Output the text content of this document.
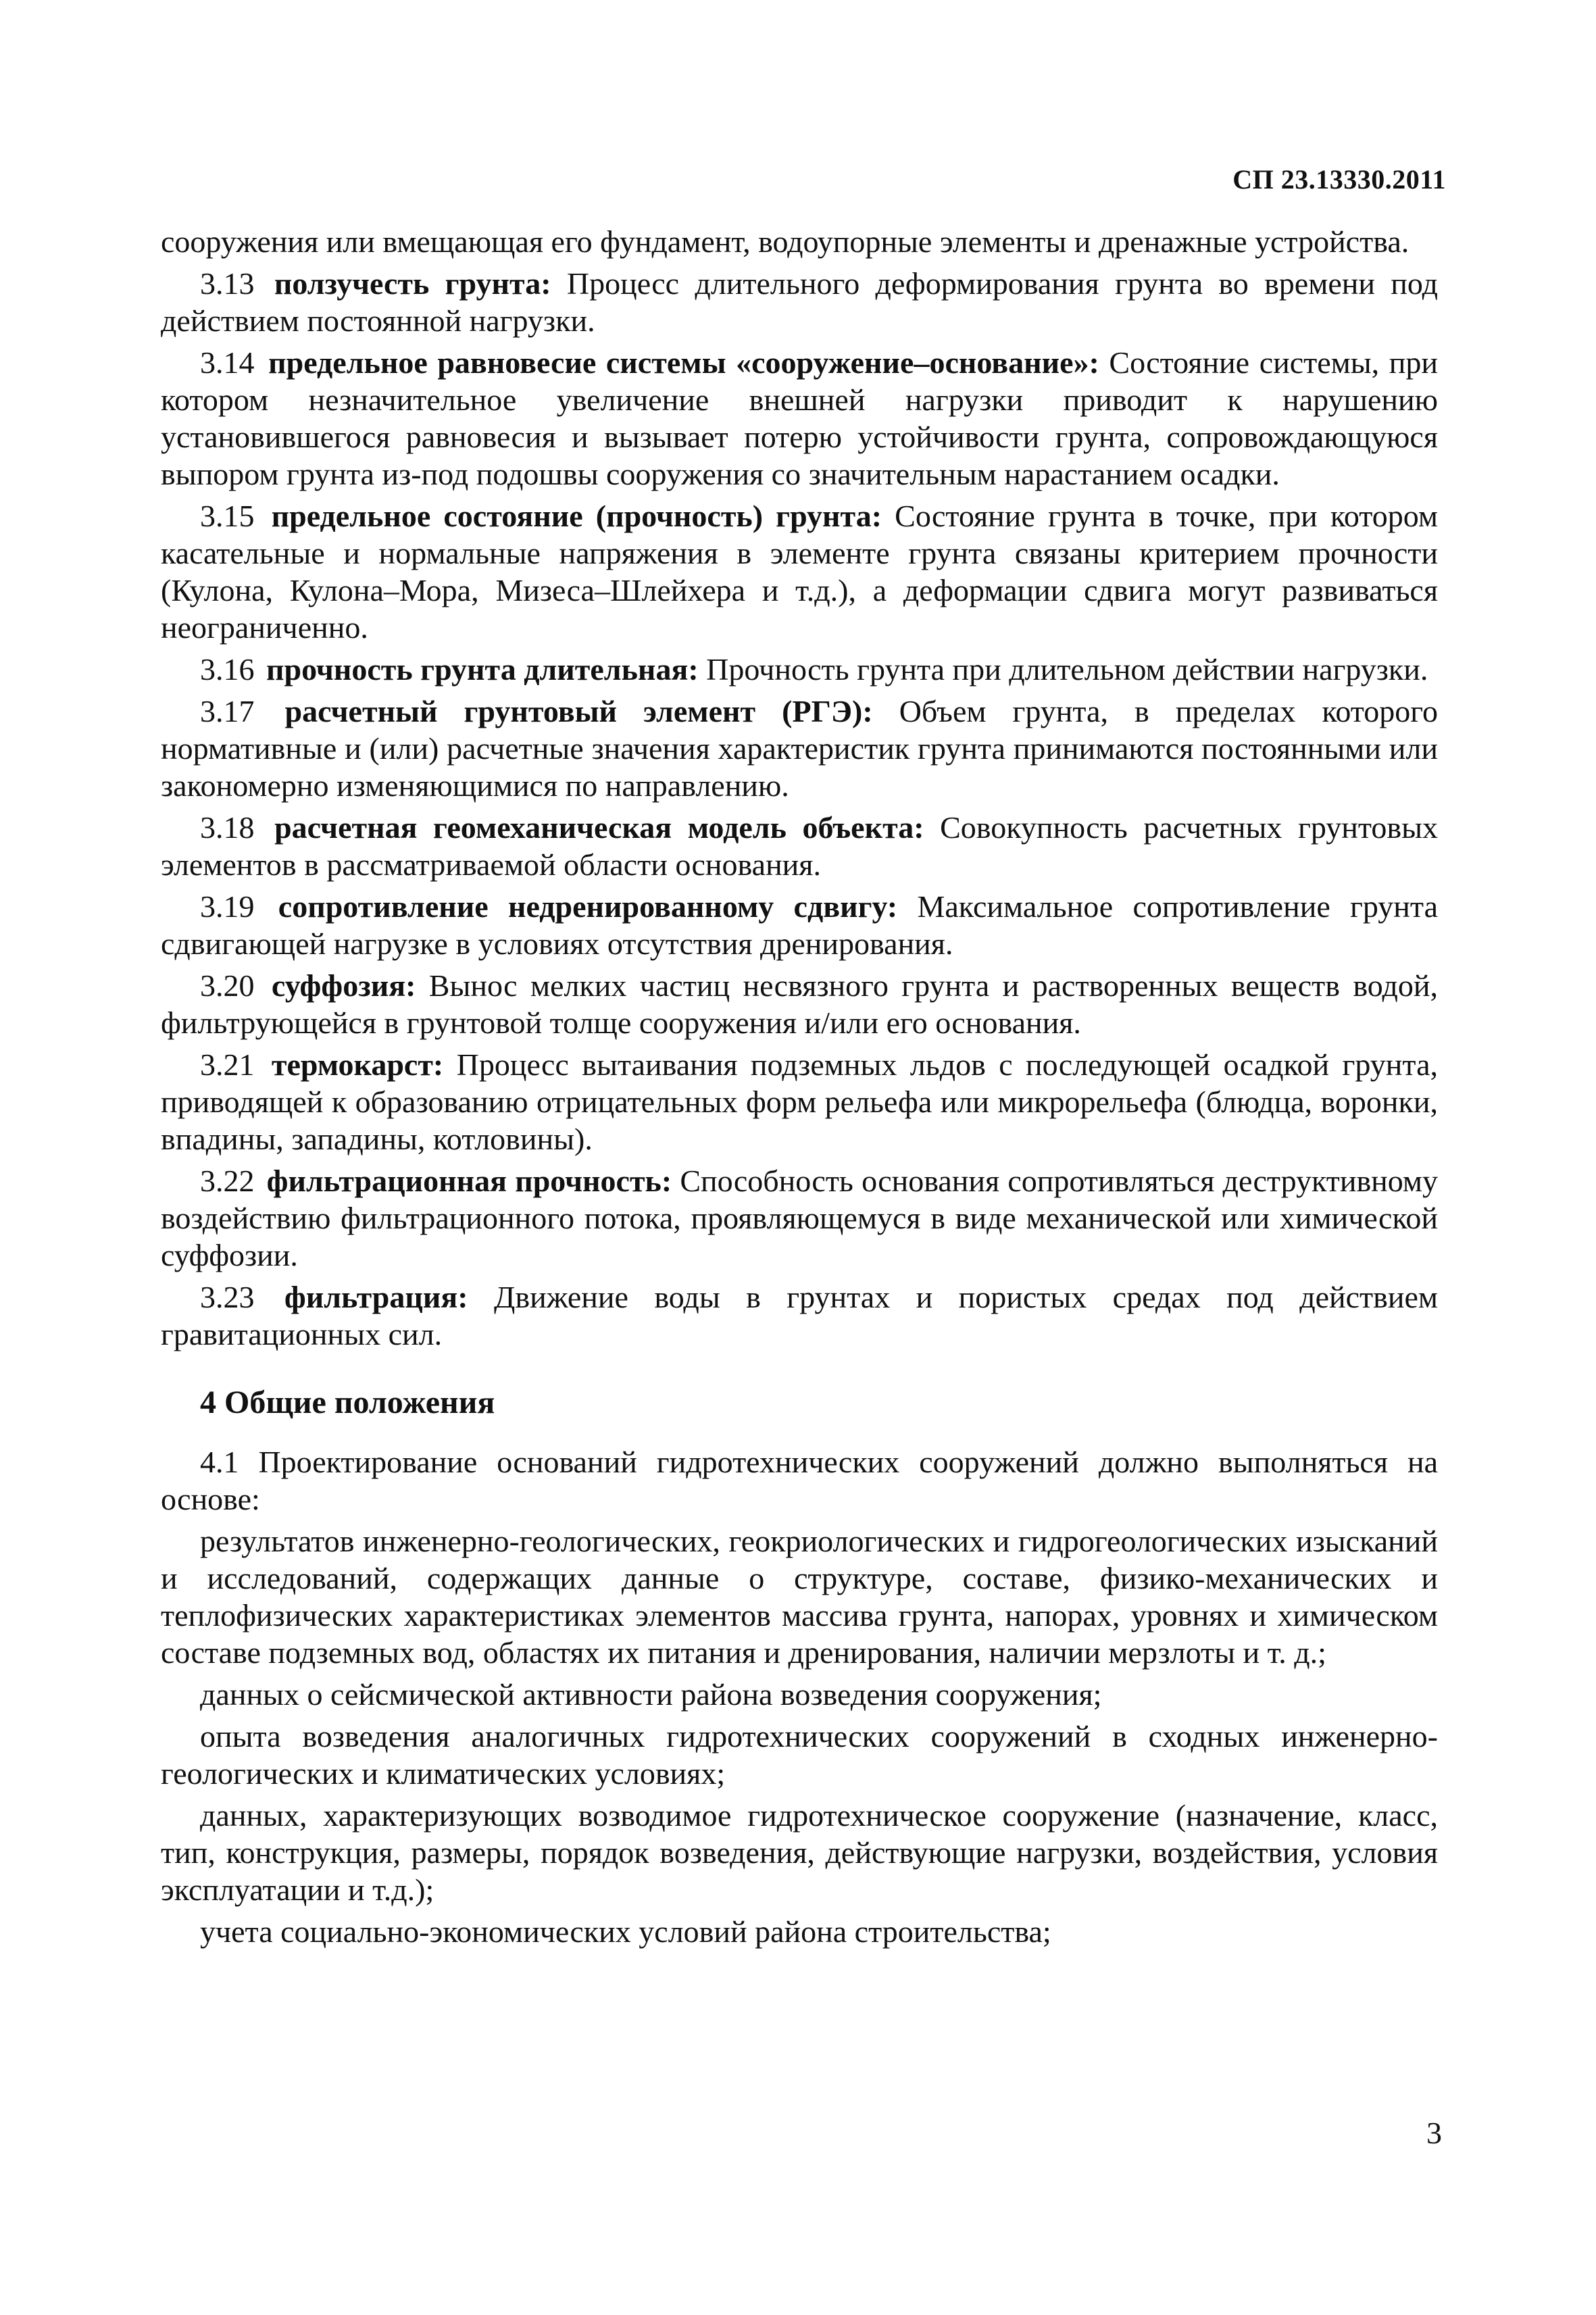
СП 23.13330.2011

сооружения или вмещающая его фундамент, водоупорные элементы и дренажные устройства.

3.13 ползучесть грунта: Процесс длительного деформирования грунта во времени под действием постоянной нагрузки.

3.14 предельное равновесие системы «сооружение–основание»: Состояние системы, при котором незначительное увеличение внешней нагрузки приводит к нарушению установившегося равновесия и вызывает потерю устойчивости грунта, сопровождающуюся выпором грунта из-под подошвы сооружения со значительным нарастанием осадки.

3.15 предельное состояние (прочность) грунта: Состояние грунта в точке, при котором касательные и нормальные напряжения в элементе грунта связаны критерием прочности (Кулона, Кулона–Мора, Мизеса–Шлейхера и т.д.), а деформации сдвига могут развиваться неограниченно.

3.16 прочность грунта длительная: Прочность грунта при длительном действии нагрузки.

3.17 расчетный грунтовый элемент (РГЭ): Объем грунта, в пределах которого нормативные и (или) расчетные значения характеристик грунта принимаются постоянными или закономерно изменяющимися по направлению.

3.18 расчетная геомеханическая модель объекта: Совокупность расчетных грунтовых элементов в рассматриваемой области основания.

3.19 сопротивление недренированному сдвигу: Максимальное сопротивление грунта сдвигающей нагрузке в условиях отсутствия дренирования.

3.20 суффозия: Вынос мелких частиц несвязного грунта и растворенных веществ водой, фильтрующейся в грунтовой толще сооружения и/или его основания.

3.21 термокарст: Процесс вытаивания подземных льдов с последующей осадкой грунта, приводящей к образованию отрицательных форм рельефа или микрорельефа (блюдца, воронки, впадины, западины, котловины).

3.22 фильтрационная прочность: Способность основания сопротивляться деструктивному воздействию фильтрационного потока, проявляющемуся в виде механической или химической суффозии.

3.23 фильтрация: Движение воды в грунтах и пористых средах под действием гравитационных сил.

4 Общие положения

4.1 Проектирование оснований гидротехнических сооружений должно выполняться на основе:

результатов инженерно-геологических, геокриологических и гидрогеологических изысканий и исследований, содержащих данные о структуре, составе, физико-механических и теплофизических характеристиках элементов массива грунта, напорах, уровнях и химическом составе подземных вод, областях их питания и дренирования, наличии мерзлоты и т. д.;

данных о сейсмической активности района возведения сооружения;

опыта возведения аналогичных гидротехнических сооружений в сходных инженерно-геологических и климатических условиях;

данных, характеризующих возводимое гидротехническое сооружение (назначение, класс, тип, конструкция, размеры, порядок возведения, действующие нагрузки, воздействия, условия эксплуатации и т.д.);

учета социально-экономических условий района строительства;

3
